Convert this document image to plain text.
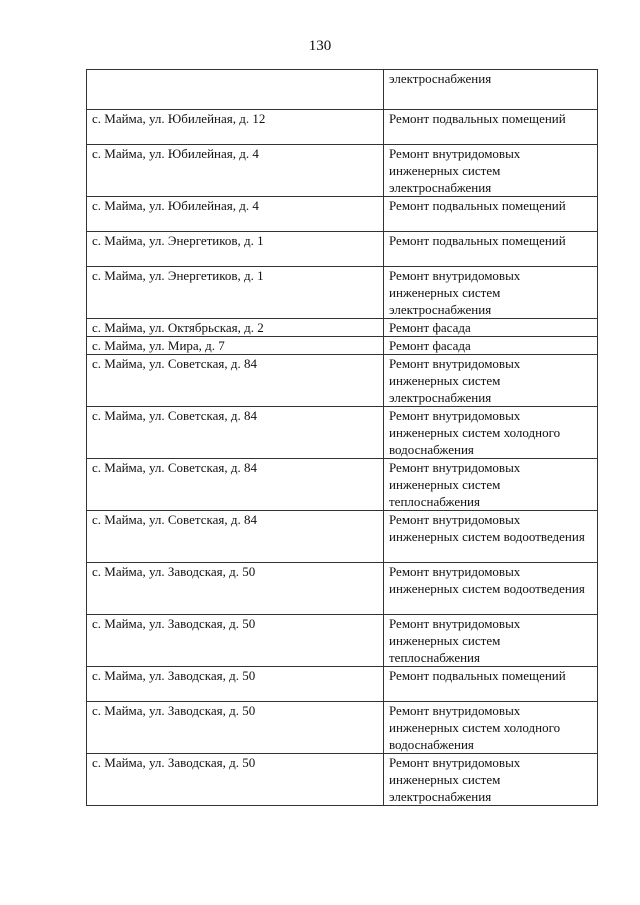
130
	электроснабжения
с. Майма, ул. Юбилейная, д. 12	Ремонт подвальных помещений
с. Майма, ул. Юбилейная, д. 4	Ремонт внутридомовых инженерных систем электроснабжения
с. Майма, ул. Юбилейная, д. 4	Ремонт подвальных помещений
с. Майма, ул. Энергетиков, д. 1	Ремонт подвальных помещений
с. Майма, ул. Энергетиков, д. 1	Ремонт внутридомовых инженерных систем электроснабжения
с. Майма, ул. Октябрьская, д. 2	Ремонт фасада
с. Майма, ул. Мира, д. 7	Ремонт фасада
с. Майма, ул. Советская, д. 84	Ремонт внутридомовых инженерных систем электроснабжения
с. Майма, ул. Советская, д. 84	Ремонт внутридомовых инженерных систем холодного водоснабжения
с. Майма, ул. Советская, д. 84	Ремонт внутридомовых инженерных систем теплоснабжения
с. Майма, ул. Советская, д. 84	Ремонт внутридомовых инженерных систем водоотведения
с. Майма, ул. Заводская, д. 50	Ремонт внутридомовых инженерных систем водоотведения
с. Майма, ул. Заводская, д. 50	Ремонт внутридомовых инженерных систем теплоснабжения
с. Майма, ул. Заводская, д. 50	Ремонт подвальных помещений
с. Майма, ул. Заводская, д. 50	Ремонт внутридомовых инженерных систем холодного водоснабжения
с. Майма, ул. Заводская, д. 50	Ремонт внутридомовых инженерных систем электроснабжения
